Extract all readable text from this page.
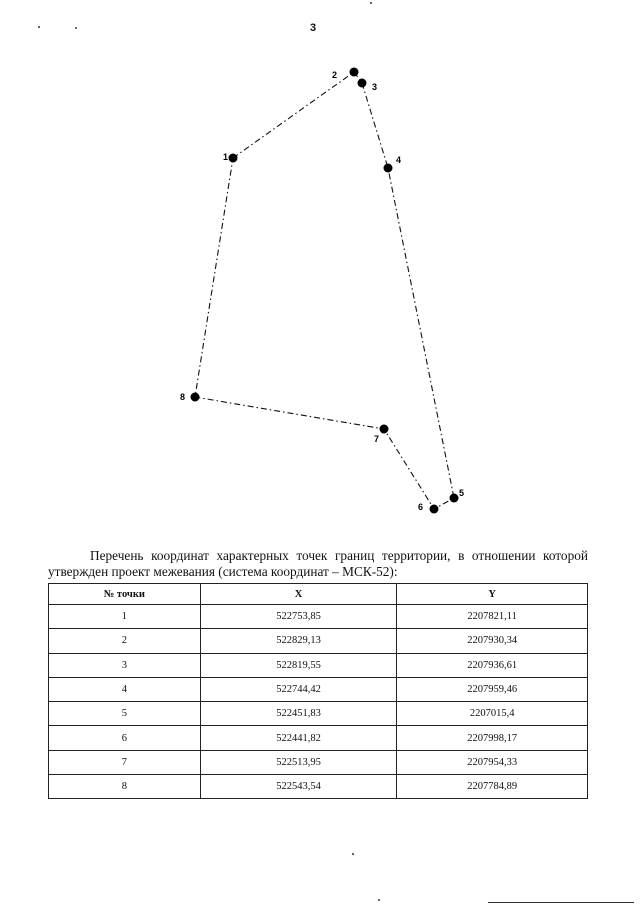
3
1
2
3
4
5
6
7
8
Перечень координат характерных точек границ территории, в отношении которой утвержден проект межевания (система координат – МСК-52):
№ точки	X	Y
1	522753,85	2207821,11
2	522829,13	2207930,34
3	522819,55	2207936,61
4	522744,42	2207959,46
5	522451,83	2207015,4
6	522441,82	2207998,17
7	522513,95	2207954,33
8	522543,54	2207784,89
